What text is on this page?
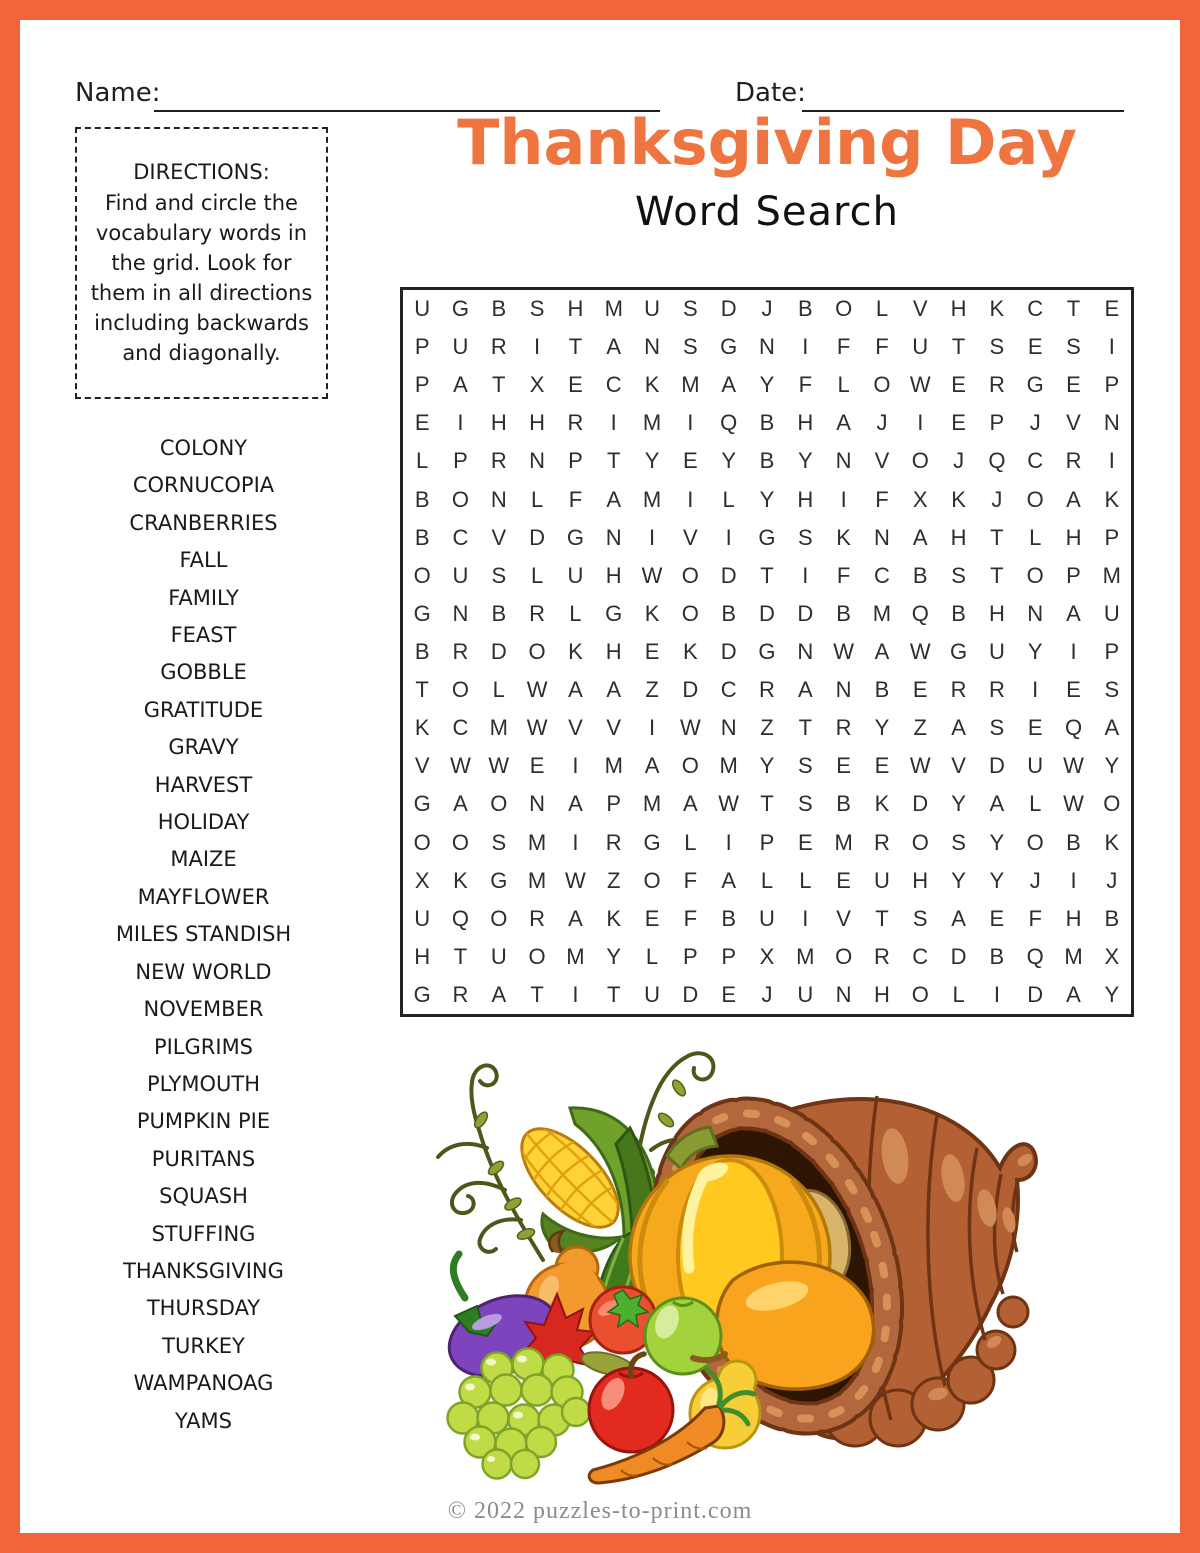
Name:	Date:
DIRECTIONS:
Find and circle the vocabulary words in the grid. Look for them in all directions including backwards and diagonally.
Thanksgiving Day
Word Search
U G	B	S	H M U	S	D	J	B	O	L	V	H	K	C	T	E
P	U	R	I	T	A	N	S	G N	I	F	F	U	T	S	E	S	I
P	A	T	X	E	C	K M A	Y	F	L	O W E	R G	E	P
E	I	H	H	R	I	M	I	Q	B	H	A	J	I	E	P	J	V	N
L	P	R	N	P	T	Y	E	Y	B	Y	N	V	O	J	Q C	R	I
B	O N	L	F	A M	I	L	Y	H	I	F	X	K	J	O	A	K
B	C	V	D G N	I	V	I	G	S	K	N	A	H	T	L	H	P
O U	S	L	U	H W O D	T	I	F	C	B	S	T	O	P M
G N	B	R	L	G	K	O	B	D	D	B M Q	B	H	N	A	U
B	R	D O	K	H	E	K	D G N W A W G U	Y	I	P
T	O	L W A	A	Z	D	C	R	A	N	B	E	R	R	I	E	S
K	C M W V	V	I	W N	Z	T	R	Y	Z	A	S	E	Q	A
V W W E	I	M A	O M Y	S	E	E W V	D	U W Y
G	A	O N	A	P M A W T	S	B	K	D	Y	A	L W O
O O	S M	I	R G	L	I	P	E M R O	S	Y	O	B	K
X	K	G M W Z	O	F	A	L	L	E	U	H	Y	Y	J	I	J
U Q O R	A	K	E	F	B	U	I	V	T	S	A	E	F	H	B
H	T	U O M Y	L	P	P	X M O R	C	D	B	Q M X
G R	A	T	I	T	U	D	E	J	U	N	H O	L	I	D	A	Y
COLONY
CORNUCOPIA
CRANBERRIES
FALL
FAMILY
FEAST
GOBBLE
GRATITUDE
GRAVY
HARVEST
HOLIDAY
MAIZE
MAYFLOWER
MILES STANDISH
NEW WORLD
NOVEMBER
PILGRIMS
PLYMOUTH
PUMPKIN PIE
PURITANS
SQUASH
STUFFING
THANKSGIVING
THURSDAY
TURKEY
WAMPANOAG
YAMS
© 2022 puzzles-to-print.com
